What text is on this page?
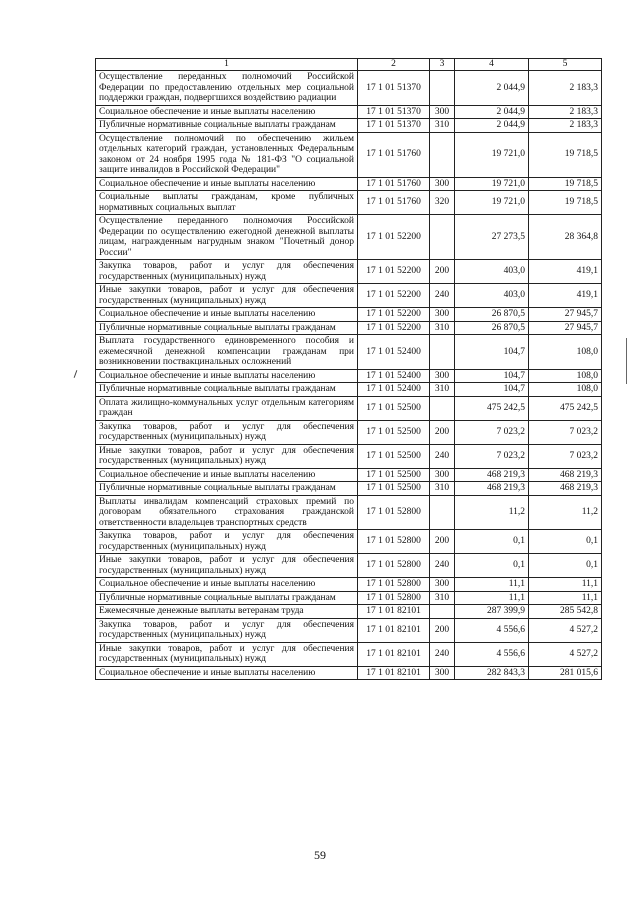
1	2	3	4	5
Осуществление переданных полномочий Российской Федерации по предоставлению отдельных мер социальной поддержки граждан, подвергшихся воздействию радиации	17 1 01 51370		2 044,9	2 183,3
Социальное обеспечение и иные выплаты населению	17 1 01 51370	300	2 044,9	2 183,3
Публичные нормативные социальные выплаты гражданам	17 1 01 51370	310	2 044,9	2 183,3
Осуществление полномочий по обеспечению жильем отдельных категорий граждан, установленных Федеральным законом от 24 ноября 1995 года № 181-ФЗ "О социальной защите инвалидов в Российской Федерации"	17 1 01 51760		19 721,0	19 718,5
Социальное обеспечение и иные выплаты населению	17 1 01 51760	300	19 721,0	19 718,5
Социальные выплаты гражданам, кроме публичных нормативных социальных выплат	17 1 01 51760	320	19 721,0	19 718,5
Осуществление переданного полномочия Российской Федерации по осуществлению ежегодной денежной выплаты лицам, награжденным нагрудным знаком "Почетный донор России"	17 1 01 52200		27 273,5	28 364,8
Закупка товаров, работ и услуг для обеспечения государственных (муниципальных) нужд	17 1 01 52200	200	403,0	419,1
Иные закупки товаров, работ и услуг для обеспечения государственных (муниципальных) нужд	17 1 01 52200	240	403,0	419,1
Социальное обеспечение и иные выплаты населению	17 1 01 52200	300	26 870,5	27 945,7
Публичные нормативные социальные выплаты гражданам	17 1 01 52200	310	26 870,5	27 945,7
Выплата государственного единовременного пособия и ежемесячной денежной компенсации гражданам при возникновении поствакцинальных осложнений	17 1 01 52400		104,7	108,0
Социальное обеспечение и иные выплаты населению	17 1 01 52400	300	104,7	108,0
Публичные нормативные социальные выплаты гражданам	17 1 01 52400	310	104,7	108,0
Оплата жилищно-коммунальных услуг отдельным категориям граждан	17 1 01 52500		475 242,5	475 242,5
Закупка товаров, работ и услуг для обеспечения государственных (муниципальных) нужд	17 1 01 52500	200	7 023,2	7 023,2
Иные закупки товаров, работ и услуг для обеспечения государственных (муниципальных) нужд	17 1 01 52500	240	7 023,2	7 023,2
Социальное обеспечение и иные выплаты населению	17 1 01 52500	300	468 219,3	468 219,3
Публичные нормативные социальные выплаты гражданам	17 1 01 52500	310	468 219,3	468 219,3
Выплаты инвалидам компенсаций страховых премий по договорам обязательного страхования гражданской ответственности владельцев транспортных средств	17 1 01 52800		11,2	11,2
Закупка товаров, работ и услуг для обеспечения государственных (муниципальных) нужд	17 1 01 52800	200	0,1	0,1
Иные закупки товаров, работ и услуг для обеспечения государственных (муниципальных) нужд	17 1 01 52800	240	0,1	0,1
Социальное обеспечение и иные выплаты населению	17 1 01 52800	300	11,1	11,1
Публичные нормативные социальные выплаты гражданам	17 1 01 52800	310	11,1	11,1
Ежемесячные денежные выплаты ветеранам труда	17 1 01 82101		287 399,9	285 542,8
Закупка товаров, работ и услуг для обеспечения государственных (муниципальных) нужд	17 1 01 82101	200	4 556,6	4 527,2
Иные закупки товаров, работ и услуг для обеспечения государственных (муниципальных) нужд	17 1 01 82101	240	4 556,6	4 527,2
Социальное обеспечение и иные выплаты населению	17 1 01 82101	300	282 843,3	281 015,6
59
